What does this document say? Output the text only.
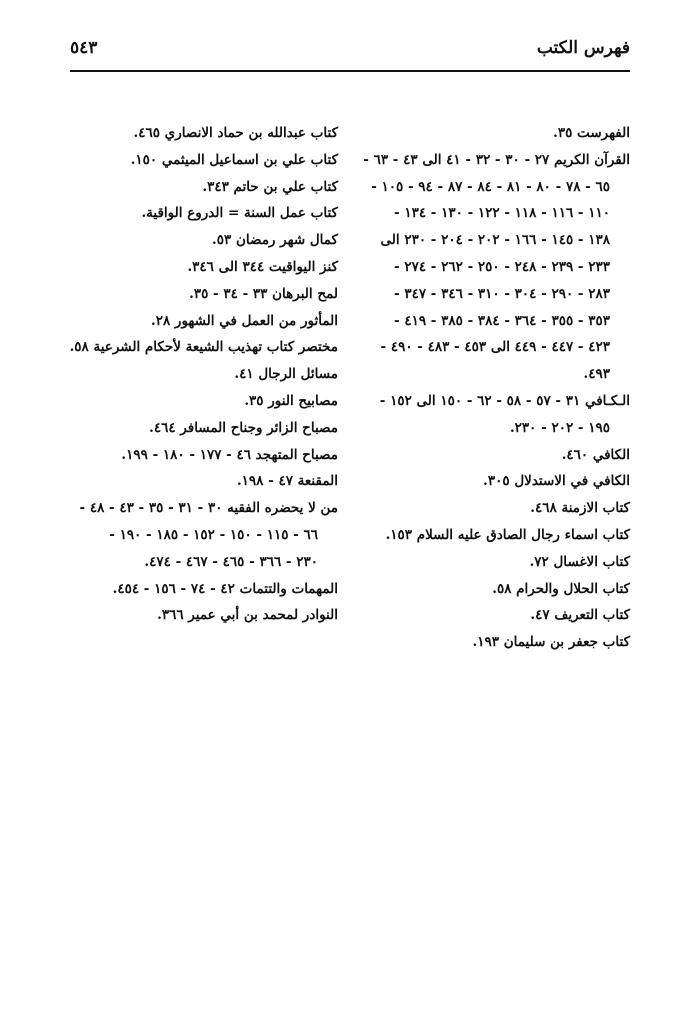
فهرس الكتب
٥٤٣
الفهرست ٣٥.
القرآن الكريم ٢٧ - ٣٠ - ٣٢ - ٤١ الى ٤٣ - ٦٣ -
٦٥ - ٧٨ - ٨٠ - ٨١ - ٨٤ - ٨٧ - ٩٤ - ١٠٥ -
١١٠ - ١١٦ - ١١٨ - ١٢٢ - ١٣٠ - ١٣٤ -
١٣٨ - ١٤٥ - ١٦٦ - ٢٠٢ - ٢٠٤ - ٢٣٠ الى
٢٣٣ - ٢٣٩ - ٢٤٨ - ٢٥٠ - ٢٦٢ - ٢٧٤ -
٢٨٣ - ٢٩٠ - ٣٠٤ - ٣١٠ - ٣٤٦ - ٣٤٧ -
٣٥٣ - ٣٥٥ - ٣٦٤ - ٣٨٤ - ٣٨٥ - ٤١٩ -
٤٢٣ - ٤٤٧ - ٤٤٩ الى ٤٥٣ - ٤٨٣ - ٤٩٠ -
٤٩٣.
الـكـافي ٣١ - ٥٧ - ٥٨ - ٦٢ - ١٥٠ الى ١٥٢ -
١٩٥ - ٢٠٢ - ٢٣٠.
الكافي ٤٦٠.
الكافي في الاستدلال ٣٠٥.
كتاب الازمنة ٤٦٨.
كتاب اسماء رجال الصادق عليه السلام ١٥٣.
كتاب الاغسال ٧٢.
كتاب الحلال والحرام ٥٨.
كتاب التعريف ٤٧.
كتاب جعفر بن سليمان ١٩٣.
كتاب عبدالله بن حماد الانصاري ٤٦٥.
كتاب علي بن اسماعيل الميثمي ١٥٠.
كتاب علي بن حاتم ٣٤٣.
كتاب عمل السنة = الدروع الواقية.
كمال شهر رمضان ٥٣.
كنز اليواقيت ٣٤٤ الى ٣٤٦.
لمح البرهان ٣٣ - ٣٤ - ٣٥.
المأثور من العمل في الشهور ٢٨.
مختصر كتاب تهذيب الشيعة لأحكام الشرعية ٥٨.
مسائل الرجال ٤١.
مصابيح النور ٣٥.
مصباح الزائر وجناح المسافر ٤٦٤.
مصباح المتهجد ٤٦ - ١٧٧ - ١٨٠ - ١٩٩.
المقنعة ٤٧ - ١٩٨.
من لا يحضره الفقيه ٣٠ - ٣١ - ٣٥ - ٤٣ - ٤٨ -
٦٦ - ١١٥ - ١٥٠ - ١٥٢ - ١٨٥ - ١٩٠ -
٢٣٠ - ٣٦٦ - ٤٦٥ - ٤٦٧ - ٤٧٤.
المهمات والتتمات ٤٢ - ٧٤ - ١٥٦ - ٤٥٤.
النوادر لمحمد بن أبي عمير ٣٦٦.
